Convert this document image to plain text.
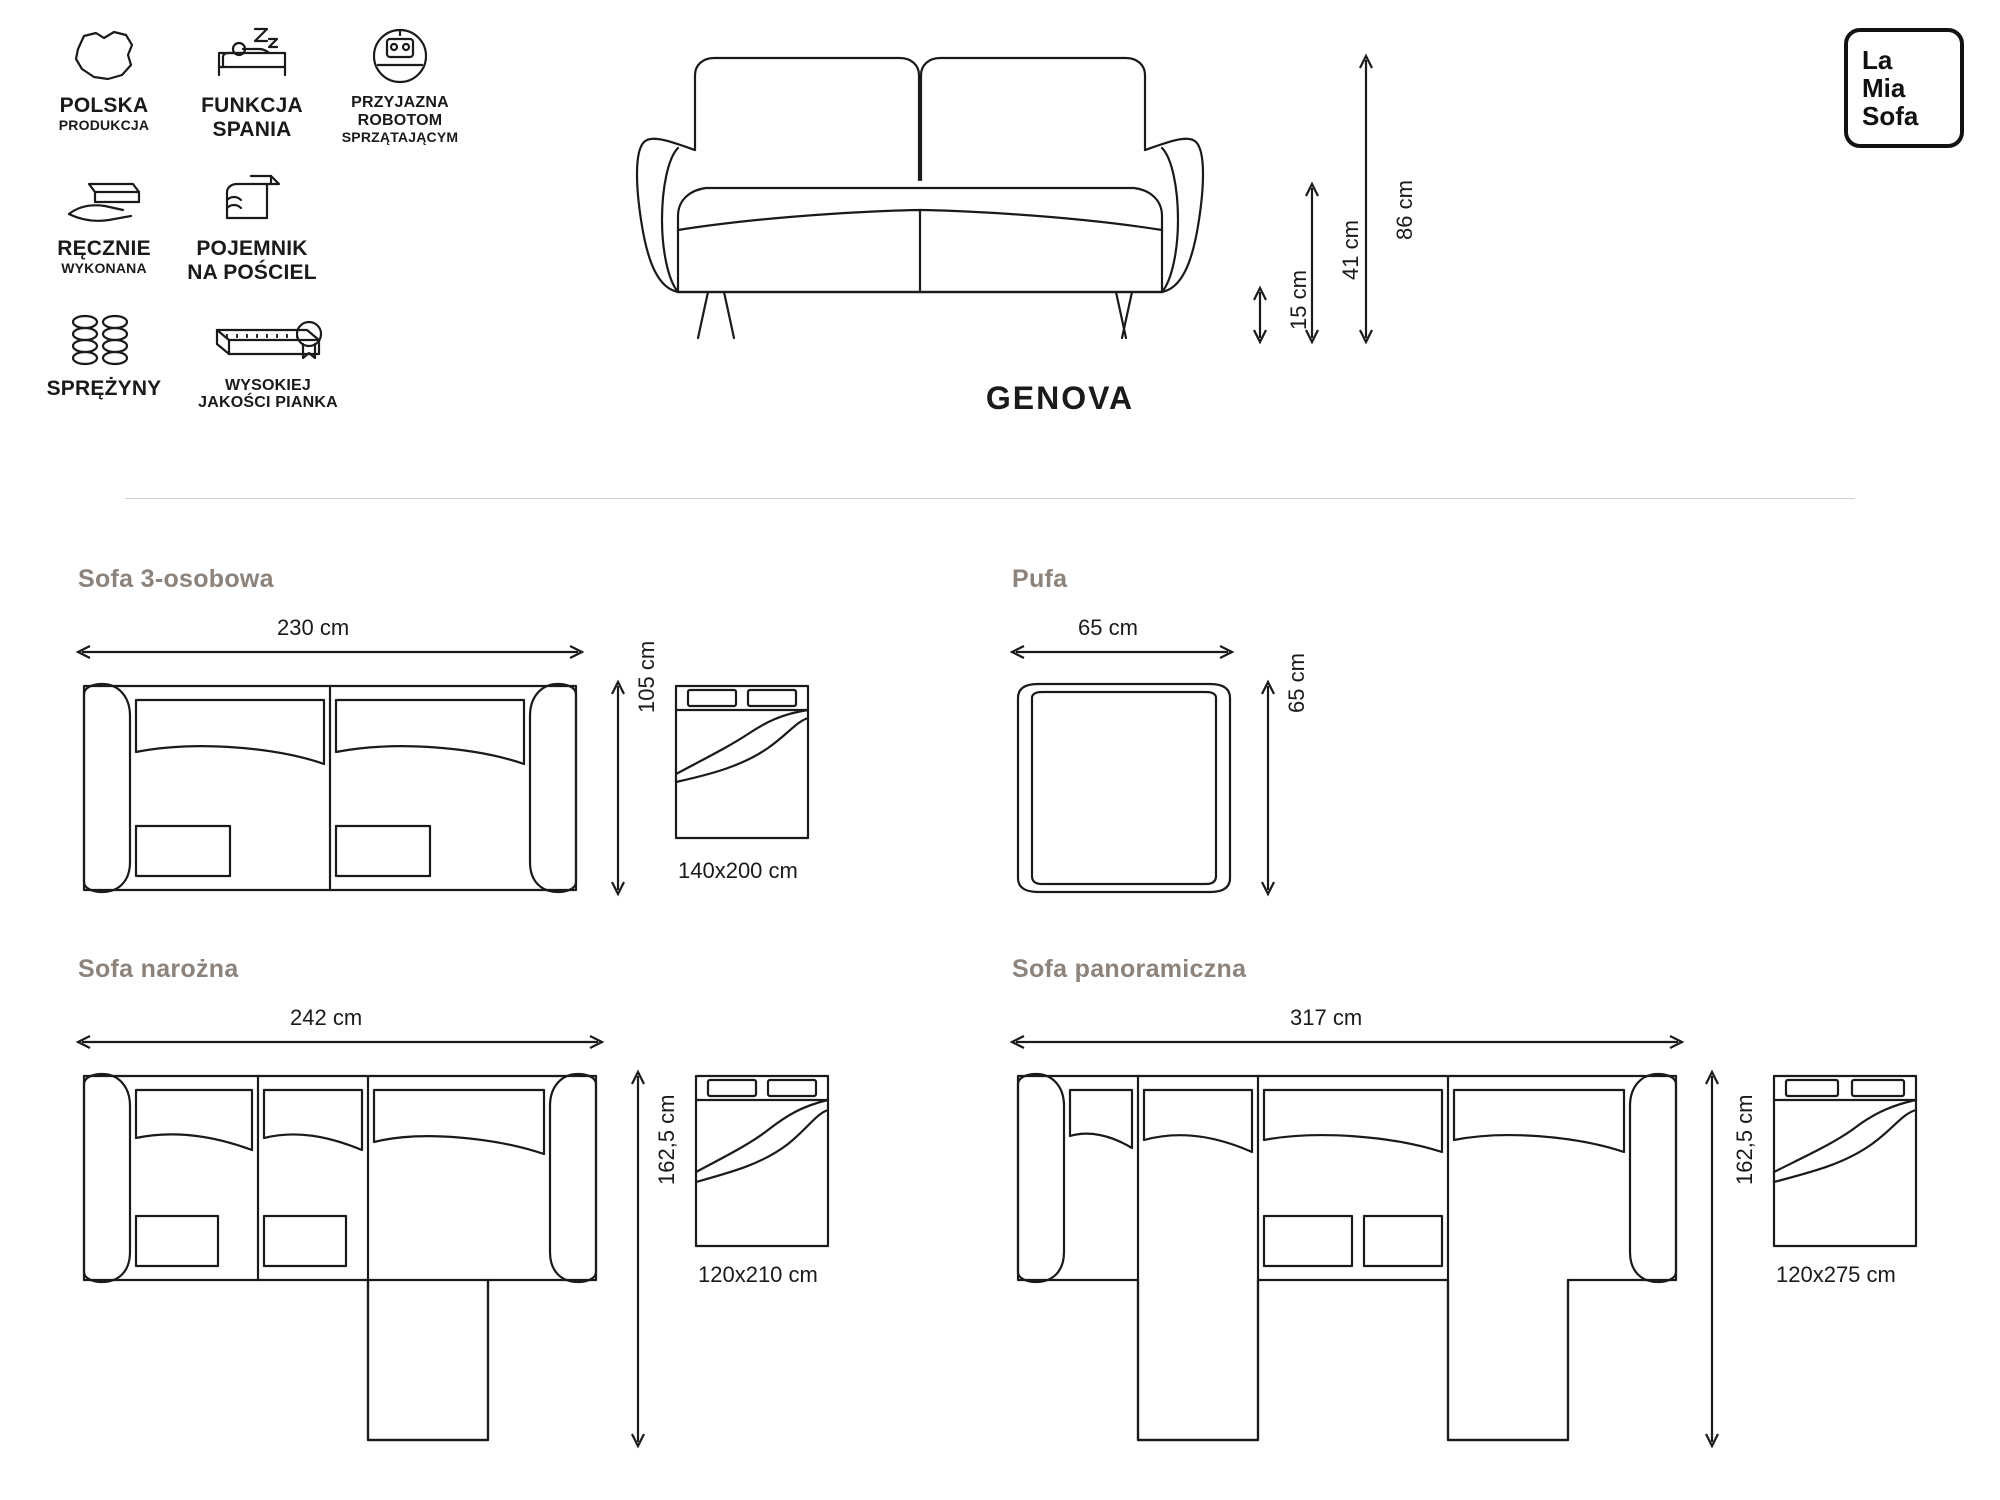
POLSKA
PRODUKCJA
FUNKCJA
SPANIA
PRZYJAZNA
ROBOTOM
SPRZĄTAJĄCYM
RĘCZNIE
WYKONANA
POJEMNIK
NA POŚCIEL
SPRĘŻYNY	WYSOKIEJ
JAKOŚCI PIANKA
La
Mia
Sofa
86 cm
41 cm
15 cm
GENOVA
Sofa 3-osobowa
230 cm
105 cm
140x200 cm
Pufa
65 cm
65 cm
Sofa narożna
242 cm
162,5 cm
120x210 cm
Sofa panoramiczna
317 cm
162,5 cm
120x275 cm
